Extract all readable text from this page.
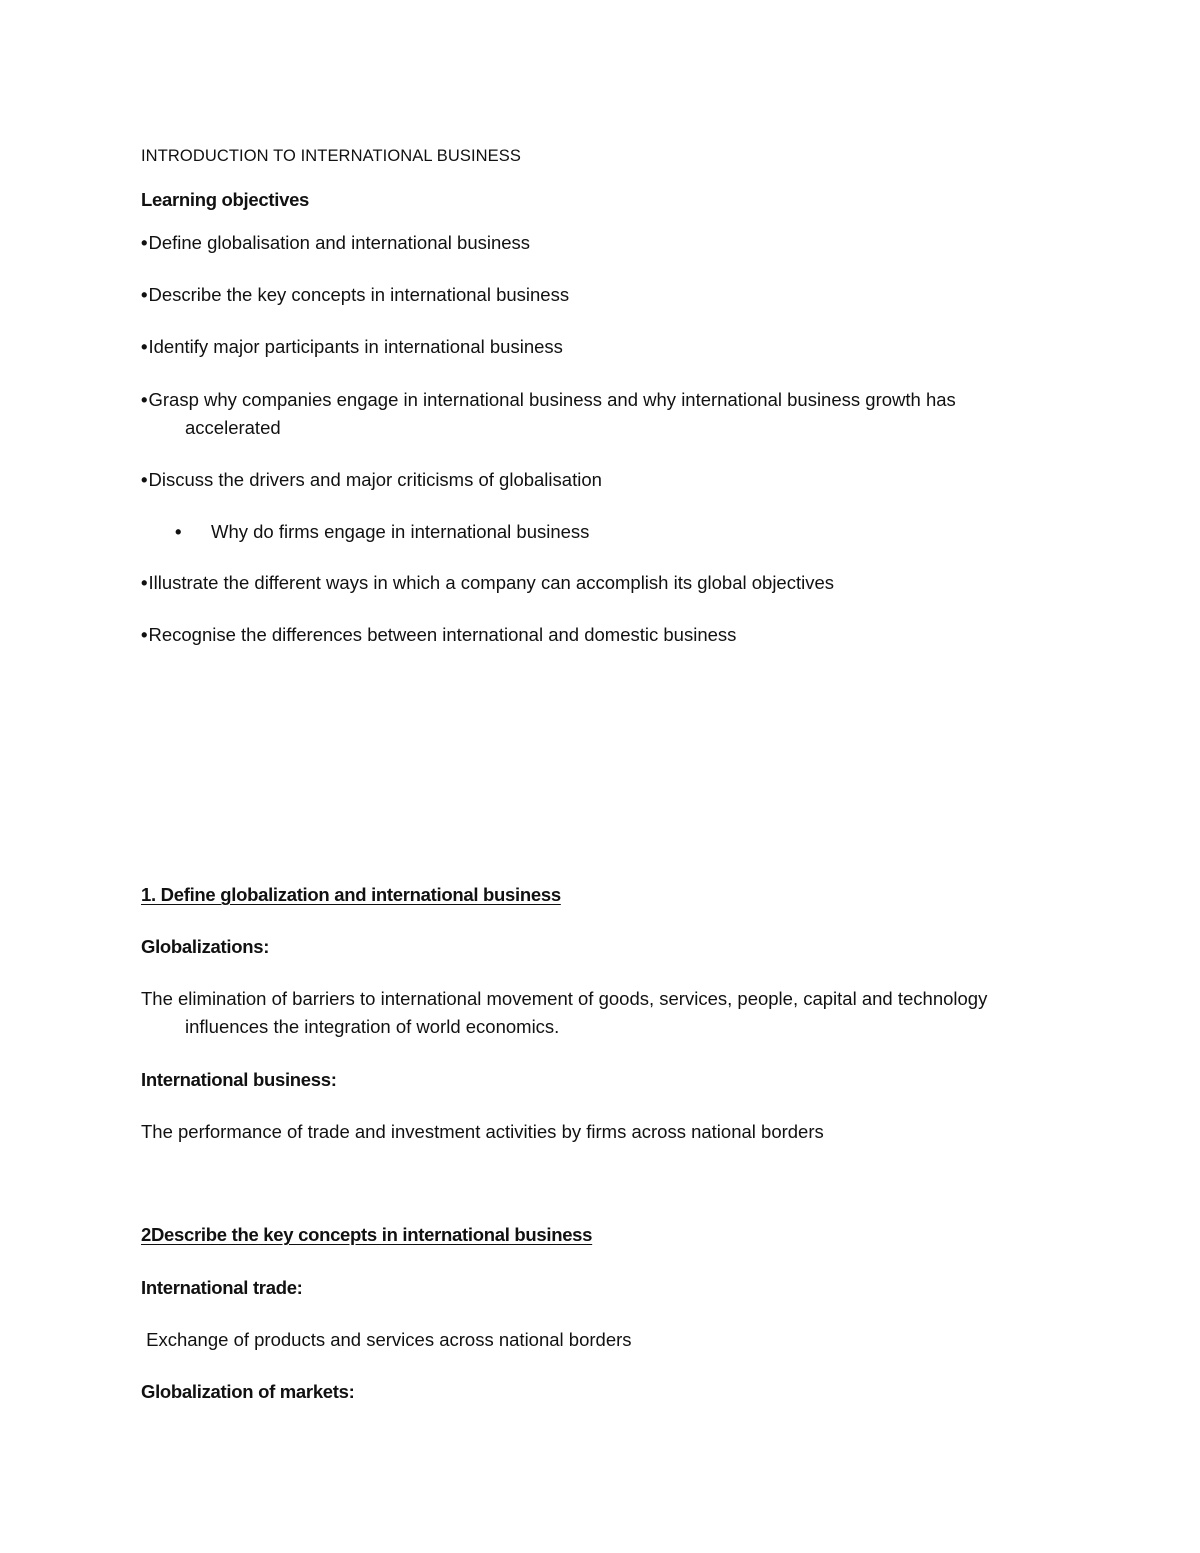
INTRODUCTION TO INTERNATIONAL BUSINESS
Learning objectives
•Define globalisation and international business
•Describe the key concepts in international business
•Identify major participants in international business
•Grasp why companies engage in international business and why international business growth has
accelerated
•Discuss the drivers and major criticisms of globalisation
• Why do firms engage in international business
•Illustrate the different ways in which a company can accomplish its global objectives
•Recognise the differences between international and domestic business
1. Define globalization and international business
Globalizations:
The elimination of barriers to international movement of goods, services, people, capital and technology
influences the integration of world economics.
International business:
The performance of trade and investment activities by firms across national borders
2Describe the key concepts in international business
International trade:
Exchange of products and services across national borders
Globalization of markets:
